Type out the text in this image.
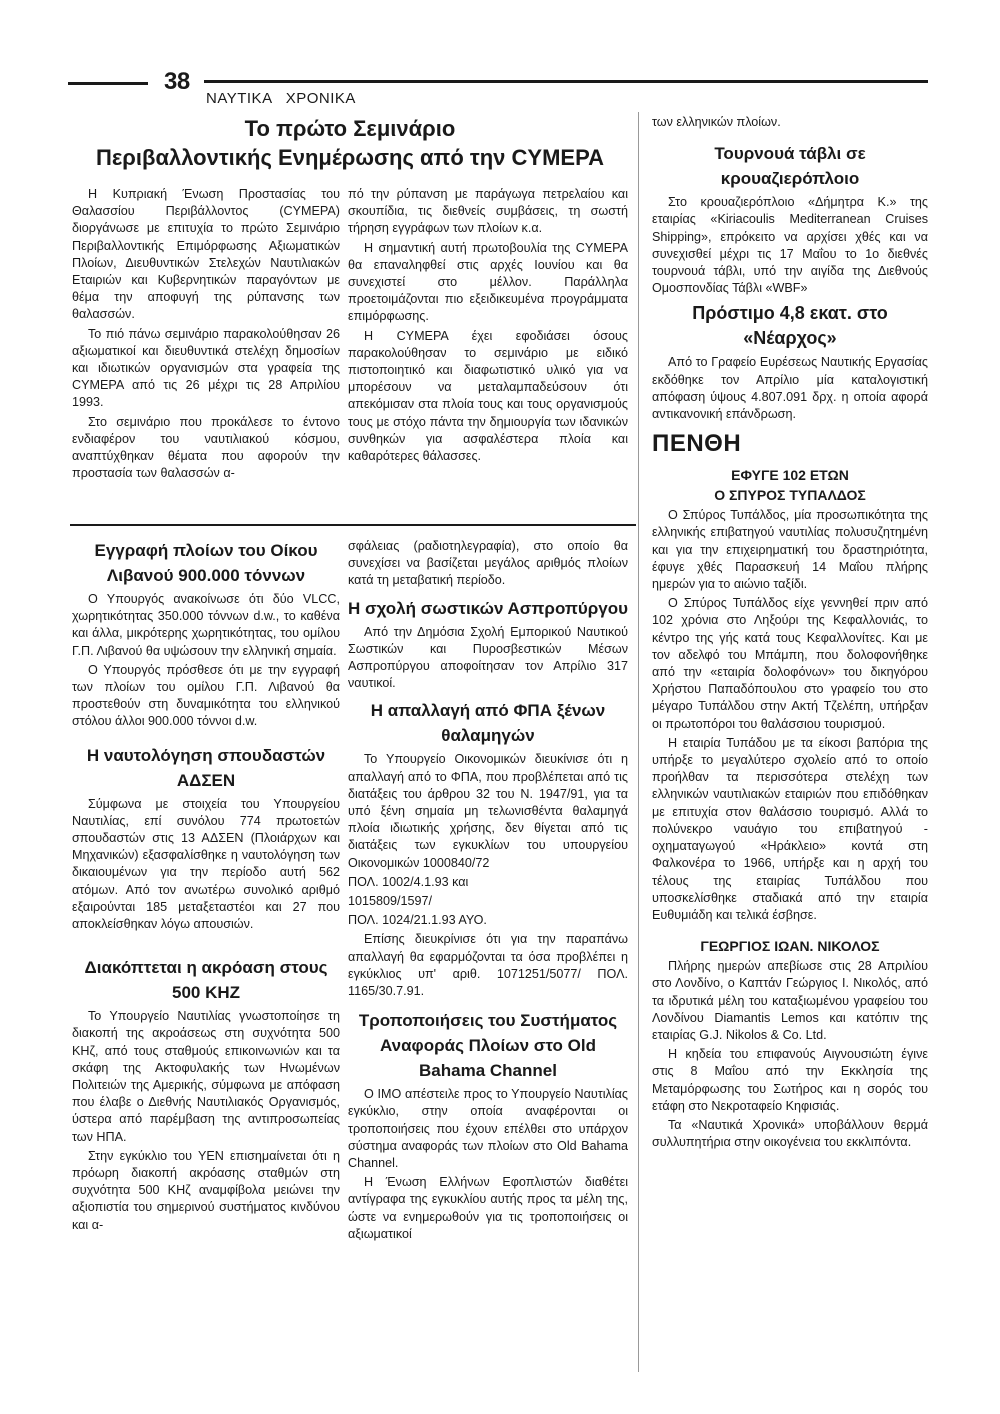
38
ΝΑΥΤΙΚΑ   ΧΡΟΝΙΚΑ
Το πρώτο Σεμινάριο
Περιβαλλοντικής Ενημέρωσης από την CYMEPA

Η Κυπριακή Ένωση Προστασίας του Θαλασσίου Περιβάλλοντος (CYMEPA) διοργάνωσε με επιτυχία το πρώτο Σεμινάριο Περιβαλλοντικής Επιμόρφωσης Αξιωματικών Πλοίων, Διευθυντικών Στελεχών Ναυτιλιακών Εταιριών και Κυβερνητικών παραγόντων με θέμα την αποφυγή της ρύπανσης των θαλασσών.

Το πιό πάνω σεμινάριο παρακολούθησαν 26 αξιωματικοί και διευθυντικά στελέχη δημοσίων και ιδιωτικών οργανισμών στα γραφεία της CYMEPA από τις 26 μέχρι τις 28 Απριλίου 1993.

Στο σεμινάριο που προκάλεσε το έντονο ενδιαφέρον του ναυτιλιακού κόσμου, αναπτύχθηκαν θέματα που αφορούν την προστασία των θαλασσών α-

πό την ρύπανση με παράγωγα πετρελαίου και σκουπίδια, τις διεθνείς συμβάσεις, τη σωστή τήρηση εγγράφων των πλοίων κ.α.

Η σημαντική αυτή πρωτοβουλία της CYMEPA θα επαναληφθεί στις αρχές Ιουνίου και θα συνεχιστεί στο μέλλον. Παράλληλα προετοιμάζονται πιο εξειδικευμένα προγράμματα επιμόρφωσης.

Η CYMEPA έχει εφοδιάσει όσους παρακολούθησαν το σεμινάριο με ειδικό πιστοποιητικό και διαφωτιστικό υλικό για να μπορέσουν να μεταλαμπαδεύσουν ότι απεκόμισαν στα πλοία τους και τους οργανισμούς τους με στόχο πάντα την δημιουργία των ιδανικών συνθηκών για ασφαλέστερα πλοία και καθαρότερες θάλασσες.

των ελληνικών πλοίων.

Τουρνουά τάβλι σε κρουαζιερόπλοιο

Στο κρουαζιερόπλοιο «Δήμητρα Κ.» της εταιρίας «Kiriacoulis Mediterranean Cruises Shipping», επρόκειτο να αρχίσει χθές και να συνεχισθεί μέχρι τις 17 Μαΐου το 1ο διεθνές τουρνουά τάβλι, υπό την αιγίδα της Διεθνούς Ομοσπονδίας Τάβλι «WBF»

Πρόστιμο 4,8 εκατ. στο «Νέαρχος»

Από το Γραφείο Ευρέσεως Ναυτικής Εργασίας εκδόθηκε τον Απρίλιο μία καταλογιστική απόφαση ύψους 4.807.091 δρχ. η οποία αφορά αντικανονική επάνδρωση.

ΠΕΝΘΗ
ΕΦΥΓΕ 102 ΕΤΩΝ
Ο ΣΠΥΡΟΣ ΤΥΠΑΛΔΟΣ

Ο Σπύρος Τυπάλδος, μία προσωπικότητα της ελληνικής επιβατηγού ναυτιλίας πολυσυζητημένη και για την επιχειρηματική του δραστηριότητα, έφυγε χθές Παρασκευή 14 Μαΐου πλήρης ημερών για το αιώνιο ταξίδι.

Ο Σπύρος Τυπάλδος είχε γεννηθεί πριν από 102 χρόνια στο Ληξούρι της Κεφαλλονιάς, το κέντρο της γής κατά τους Κεφαλλονίτες. Και με τον αδελφό του Μπάμπη, που δολοφονήθηκε από την «εταιρία δολοφόνων» του δικηγόρου Χρήστου Παπαδόπουλου στο γραφείο του στο μέγαρο Τυπάλδου στην Ακτή Τζελέπη, υπήρξαν οι πρωτοπόροι του θαλάσσιου τουρισμού.

Η εταιρία Τυπάδου με τα είκοσι βαπόρια της υπήρξε το μεγαλύτερο σχολείο από το οποίο προήλθαν τα περισσότερα στελέχη των ελληνικών ναυτιλιακών εταιριών που επιδόθηκαν με επιτυχία στον θαλάσσιο τουρισμό. Αλλά το πολύνεκρο ναυάγιο του επιβατηγού - οχηματαγωγού «Ηράκλειο» κοντά στη Φαλκονέρα το 1966, υπήρξε και η αρχή του τέλους της εταιρίας Τυπάλδου που υποσκελίσθηκε σταδιακά από την εταιρία Ευθυμιάδη και τελικά έσβησε.

ΓΕΩΡΓΙΟΣ ΙΩΑΝ. ΝΙΚΟΛΟΣ

Πλήρης ημερών απεβίωσε στις 28 Απριλίου στο Λονδίνο, ο Καπτάν Γεώργιος Ι. Νικολός, από τα ιδρυτικά μέλη του καταξιωμένου γραφείου του Λονδίνου Diamantis Lemos και κατόπιν της εταιρίας G.J. Nikolos & Co. Ltd.

Η κηδεία του επιφανούς Αιγνουσιώτη έγινε στις 8 Μαΐου από την Εκκλησία της Μεταμόρφωσης του Σωτήρος και η σορός του ετάφη στο Νεκροταφείο Κηφισιάς.

Τα «Ναυτικά Χρονικά» υποβάλλουν θερμά συλλυπητήρια στην οικογένεια του εκκλιπόντα.

Εγγραφή πλοίων του Οίκου Λιβανού 900.000 τόννων

Ο Υπουργός ανακοίνωσε ότι δύο VLCC, χωρητικότητας 350.000 τόννων d.w., το καθένα και άλλα, μικρότερης χωρητικότητας, του ομίλου Γ.Π. Λιβανού θα υψώσουν την ελληνική σημαία.

Ο Υπουργός πρόσθεσε ότι με την εγγραφή των πλοίων του ομίλου Γ.Π. Λιβανού θα προστεθούν στη δυναμικότητα του ελληνικού στόλου άλλοι 900.000 τόννοι d.w.

Η ναυτολόγηση σπουδαστών ΑΔΣΕΝ

Σύμφωνα με στοιχεία του Υπουργείου Ναυτιλίας, επί συνόλου 774 πρωτοετών σπουδαστών στις 13 ΑΔΣΕΝ (Πλοιάρχων και Μηχανικών) εξασφαλίσθηκε η ναυτολόγηση των δικαιουμένων για την περίοδο αυτή 562 ατόμων. Από τον ανωτέρω συνολικό αριθμό εξαιρούνται 185 μεταξεταστέοι και 27 που αποκλείσθηκαν λόγω απουσιών.

Διακόπτεται η ακρόαση στους 500 KHZ

Το Υπουργείο Ναυτιλίας γνωστοποίησε τη διακοπή της ακροάσεως στη συχνότητα 500 ΚΗζ, από τους σταθμούς επικοινωνιών και τα σκάφη της Ακτοφυλακής των Ηνωμένων Πολιτειών της Αμερικής, σύμφωνα με απόφαση που έλαβε ο Διεθνής Ναυτιλιακός Οργανισμός, ύστερα από παρέμβαση της αντιπροσωπείας των ΗΠΑ.

Στην εγκύκλιο του ΥΕΝ επισημαίνεται ότι η πρόωρη διακοπή ακρόασης σταθμών στη συχνότητα 500 ΚΗζ αναμφίβολα μειώνει την αξιοπιστία του σημερινού συστήματος κινδύνου και α-

σφάλειας (ραδιοτηλεγραφία), στο οποίο θα συνεχίσει να βασίζεται μεγάλος αριθμός πλοίων κατά τη μεταβατική περίοδο.

Η σχολή σωστικών Ασπροπύργου

Από την Δημόσια Σχολή Εμπορικού Ναυτικού Σωστικών και Πυροσβεστικών Μέσων Ασπροπύργου αποφοίτησαν τον Απρίλιο 317 ναυτικοί.

Η απαλλαγή από ΦΠΑ ξένων θαλαμηγών

Το Υπουργείο Οικονομικών διευκίνισε ότι η απαλλαγή από το ΦΠΑ, που προβλέπεται από τις διατάξεις του άρθρου 32 του Ν. 1947/91, για τα υπό ξένη σημαία μη τελωνισθέντα θαλαμηγά πλοία ιδιωτικής χρήσης, δεν θίγεται από τις διατάξεις των εγκυκλίων του υπουργείου Οικονομικών 1000840/72

ΠΟΛ. 1002/4.1.93 και

1015809/1597/

ΠΟΛ. 1024/21.1.93 ΑΥΟ.

Επίσης διευκρίνισε ότι για την παραπάνω απαλλαγή θα εφαρμόζονται τα όσα προβλέπει η εγκύκλιος υπ' αριθ. 1071251/5077/ ΠΟΛ. 1165/30.7.91.

Τροποποιήσεις του Συστήματος Αναφοράς Πλοίων στο Old Bahama Channel

Ο ΙΜΟ απέστειλε προς το Υπουργείο Ναυτιλίας εγκύκλιο, στην οποία αναφέρονται οι τροποποιήσεις που έχουν επέλθει στο υπάρχον σύστημα αναφοράς των πλοίων στο Old Bahama Channel.

Η Ένωση Ελλήνων Εφοπλιστών διαθέτει αντίγραφα της εγκυκλίου αυτής προς τα μέλη της, ώστε να ενημερωθούν για τις τροποποιήσεις οι αξιωματικοί
